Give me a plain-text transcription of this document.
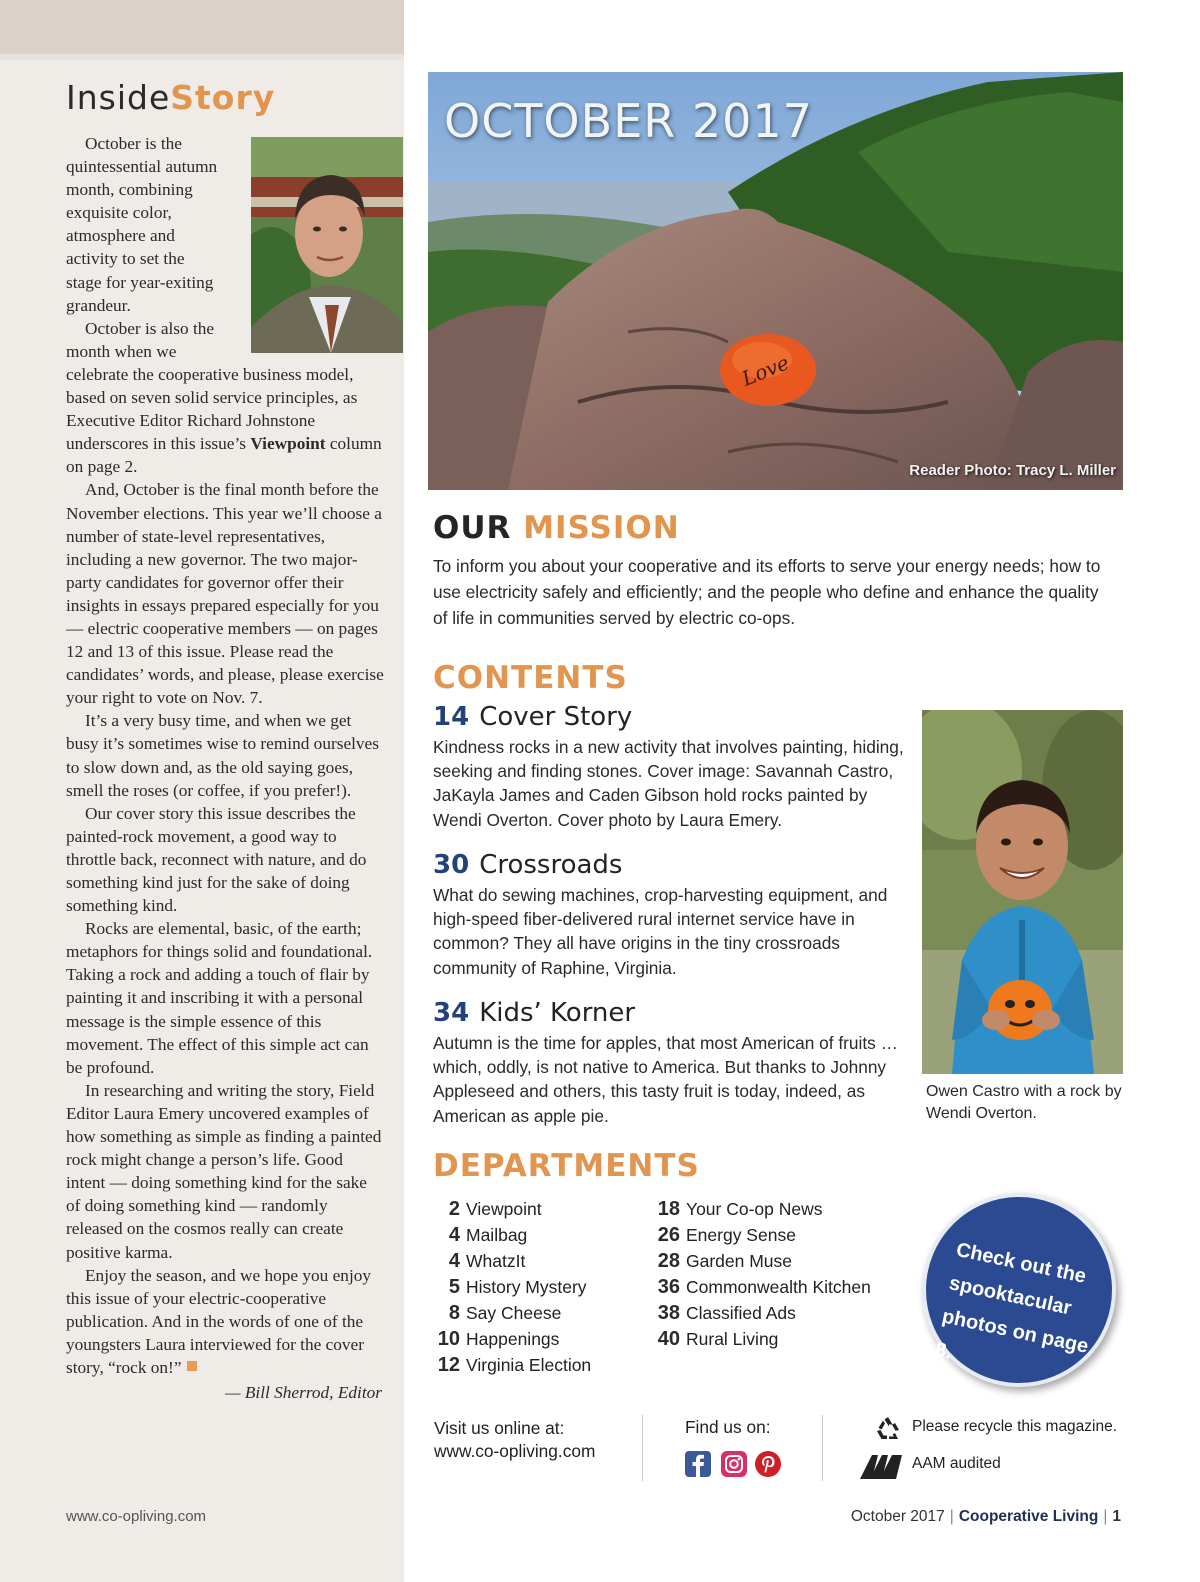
InsideStory

October is the quintessential autumn month, combining exquisite color, atmosphere and activity to set the stage for year-exiting grandeur.

October is also the month when we celebrate the cooperative business model, based on seven solid service principles, as Executive Editor Richard Johnstone underscores in this issue’s Viewpoint column on page 2.

And, October is the final month before the November elections. This year we’ll choose a number of state-level representatives, including a new governor. The two major-party candidates for governor offer their insights in essays prepared especially for you — electric cooperative members — on pages 12 and 13 of this issue. Please read the candidates’ words, and please, please exercise your right to vote on Nov. 7.

It’s a very busy time, and when we get busy it’s sometimes wise to remind ourselves to slow down and, as the old saying goes, smell the roses (or coffee, if you prefer!).

Our cover story this issue describes the painted-rock movement, a good way to throttle back, reconnect with nature, and do something kind just for the sake of doing something kind.

Rocks are elemental, basic, of the earth; metaphors for things solid and foundational. Taking a rock and adding a touch of flair by painting it and inscribing it with a personal message is the simple essence of this movement. The effect of this simple act can be profound.

In researching and writing the story, Field Editor Laura Emery uncovered examples of how something as simple as finding a painted rock might change a person’s life. Good intent — doing something kind for the sake of doing something kind — randomly released on the cosmos really can create positive karma.

Enjoy the season, and we hope you enjoy this issue of your electric-cooperative publication. And in the words of one of the youngsters Laura interviewed for the cover story, “rock on!”

— Bill Sherrod, Editor

www.co-opliving.com
Love
OCTOBER 2017
Reader Photo: Tracy L. Miller
OUR MISSION

To inform you about your cooperative and its efforts to serve your energy needs; how to use electricity safely and efficiently; and the people who define and enhance the quality of life in communities served by electric co-ops.

CONTENTS
14 Cover Story

Kindness rocks in a new activity that involves painting, hiding, seeking and finding stones. Cover image: Savannah Castro, JaKayla James and Caden Gibson hold rocks painted by Wendi Overton. Cover photo by Laura Emery.

30 Crossroads

What do sewing machines, crop-harvesting equipment, and high-speed fiber-delivered rural internet service have in common? They all have origins in the tiny crossroads community of Raphine, Virginia.

34 Kids’ Korner

Autumn is the time for apples, that most American of fruits … which, oddly, is not native to America. But thanks to Johnny Appleseed and others, this tasty fruit is today, indeed, as American as apple pie.

Owen Castro with a rock by Wendi Overton.

DEPARTMENTS
2 Viewpoint
4 Mailbag
4 WhatzIt
5 History Mystery
8 Say Cheese
10 Happenings
12 Virginia Election
18 Your Co-op News
26 Energy Sense
28 Garden Muse
36 Commonwealth Kitchen
38 Classified Ads
40 Rural Living
Check out the spooktacular photos on page 8.
Visit us online at:
www.co-opliving.com
Find us on:	Please recycle this magazine.
AAM audited
October 2017 | Cooperative Living | 1
